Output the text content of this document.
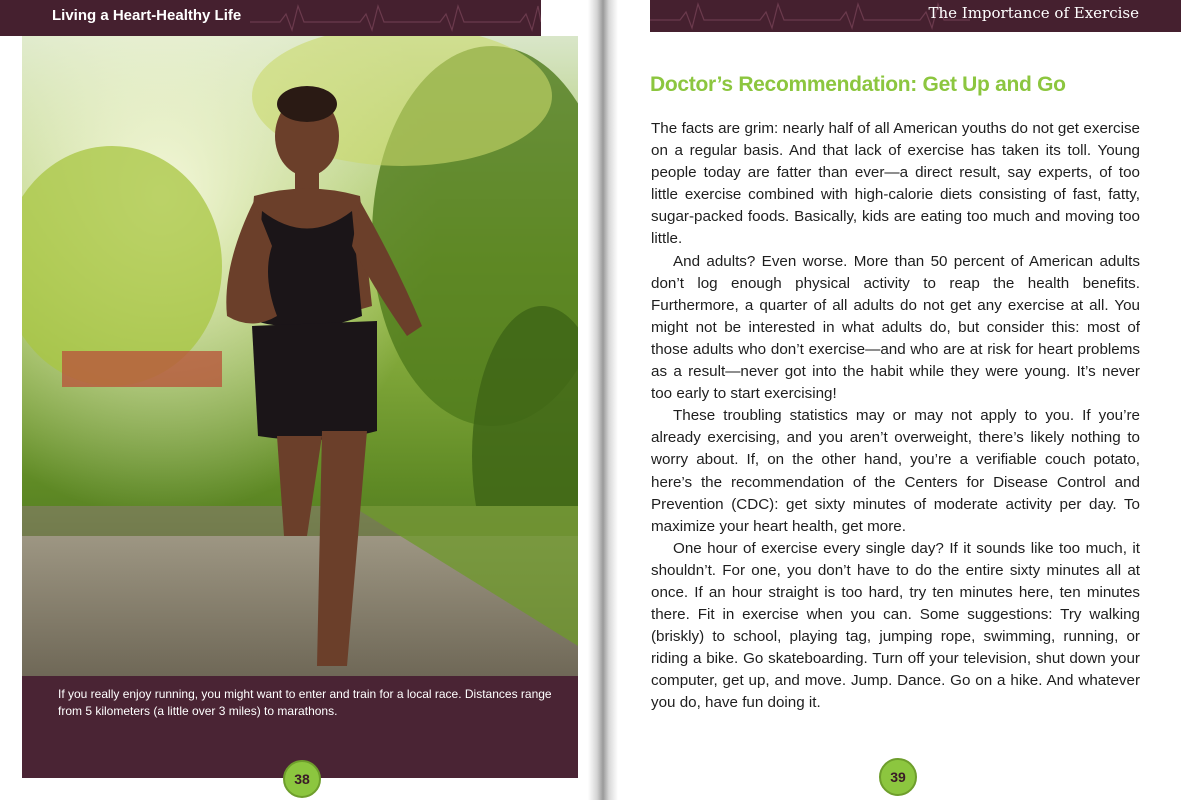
Living a Heart-Healthy Life
If you really enjoy running, you might want to enter and train for a local race. Distances range from 5 kilometers (a little over 3 miles) to marathons.
38
The Importance of Exercise
Doctor’s Recommendation: Get Up and Go

The facts are grim: nearly half of all American youths do not get exercise on a regular basis. And that lack of exercise has taken its toll. Young people today are fatter than ever—a direct result, say experts, of too little exercise combined with high-calorie diets consisting of fast, fatty, sugar-packed foods. Basically, kids are eating too much and moving too little.

And adults? Even worse. More than 50 percent of American adults don’t log enough physical activity to reap the health benefits. Furthermore, a quarter of all adults do not get any exercise at all. You might not be interested in what adults do, but consider this: most of those adults who don’t exercise—and who are at risk for heart problems as a result—never got into the habit while they were young. It’s never too early to start exercising!

These troubling statistics may or may not apply to you. If you’re already exercising, and you aren’t overweight, there’s likely nothing to worry about. If, on the other hand, you’re a verifiable couch potato, here’s the recommendation of the Centers for Disease Control and Prevention (CDC): get sixty minutes of moderate activity per day. To maximize your heart health, get more.

One hour of exercise every single day? If it sounds like too much, it shouldn’t. For one, you don’t have to do the entire sixty minutes all at once. If an hour straight is too hard, try ten minutes here, ten minutes there. Fit in exercise when you can. Some suggestions: Try walking (briskly) to school, playing tag, jumping rope, swimming, running, or riding a bike. Go skateboarding. Turn off your television, shut down your computer, get up, and move. Jump. Dance. Go on a hike. And whatever you do, have fun doing it.

39
